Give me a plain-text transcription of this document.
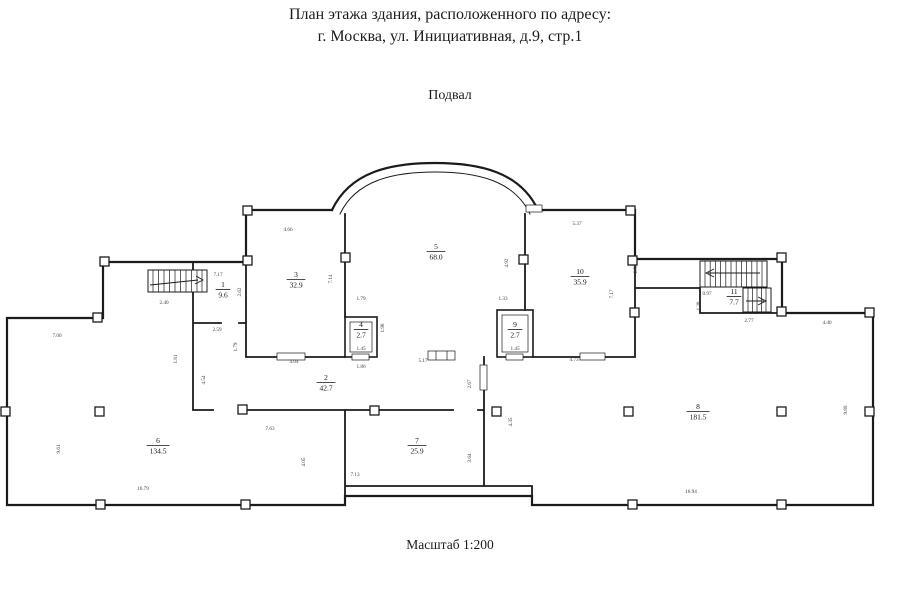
План этажа здания, расположенного по адресу:
г. Москва, ул. Инициативная, д.9, стр.1
Подвал
Масштаб 1:200
1
9.6
2
42.7
3
32.9
4
2.7
5
68.0
6
134.5
7
25.9
8
181.5
9
2.7
10
35.9
11
7.7
7.17
2.40
2.62
2.59
1.79
7.00
9.61
16.79
4.66
7.14
1.79
1.45
1.86
1.98
4.92
1.33
1.45
5.17
4.04
5.37
7.17
2.50
4.73
0.97
1.38
2.77	4.40
9.80
16.94
7.63
4.05
7.13
2.67
3.64
4.35
4.54
1.81
